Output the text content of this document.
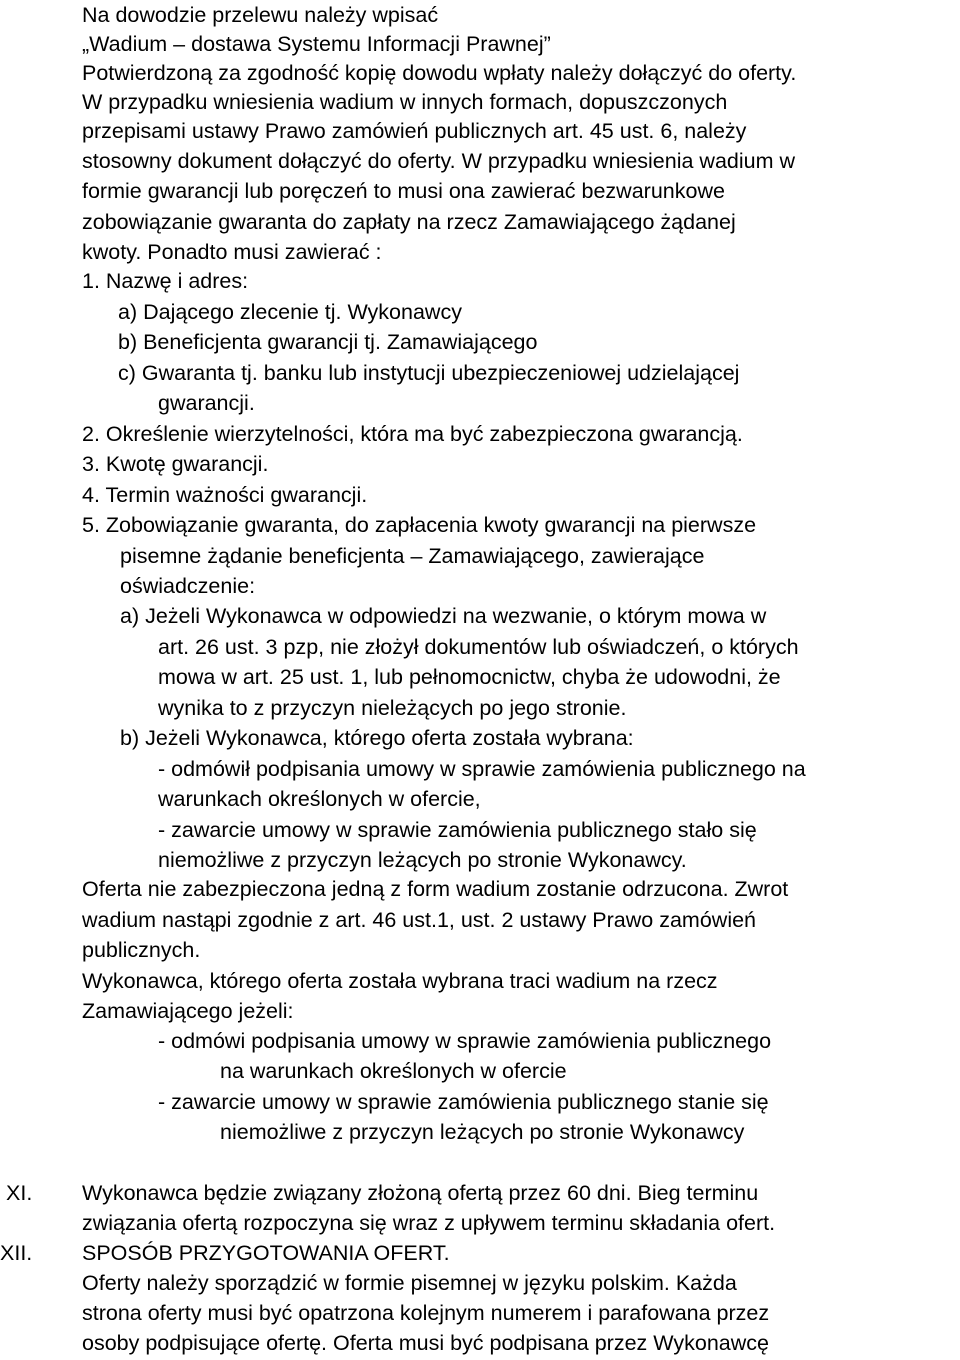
Na dowodzie przelewu należy wpisać
„Wadium – dostawa Systemu Informacji Prawnej”
Potwierdzoną za zgodność kopię dowodu wpłaty należy dołączyć do oferty.
W przypadku wniesienia wadium w innych formach, dopuszczonych
przepisami ustawy Prawo zamówień publicznych art. 45 ust. 6, należy
stosowny dokument dołączyć do oferty. W przypadku wniesienia wadium w
formie gwarancji lub poręczeń to musi ona zawierać bezwarunkowe
zobowiązanie gwaranta do zapłaty na rzecz Zamawiającego żądanej
kwoty. Ponadto musi zawierać :
1. Nazwę i adres:
a) Dającego zlecenie tj. Wykonawcy
b) Beneficjenta gwarancji tj. Zamawiającego
c) Gwaranta tj. banku lub instytucji ubezpieczeniowej udzielającej
gwarancji.
2. Określenie wierzytelności, która ma być zabezpieczona gwarancją.
3. Kwotę gwarancji.
4. Termin ważności gwarancji.
5. Zobowiązanie gwaranta, do zapłacenia kwoty gwarancji na pierwsze
pisemne żądanie beneficjenta – Zamawiającego, zawierające
oświadczenie:
a) Jeżeli Wykonawca w odpowiedzi na wezwanie, o którym mowa w
art. 26 ust. 3 pzp, nie złożył dokumentów lub oświadczeń, o których
mowa w art. 25 ust. 1, lub pełnomocnictw, chyba że udowodni, że
wynika to z przyczyn nieleżących po jego stronie.
b) Jeżeli Wykonawca, którego oferta została wybrana:
- odmówił podpisania umowy w sprawie zamówienia publicznego na
warunkach określonych w ofercie,
- zawarcie umowy w sprawie zamówienia publicznego stało się
niemożliwe z przyczyn leżących po stronie Wykonawcy.
Oferta nie zabezpieczona jedną z form wadium zostanie odrzucona. Zwrot
wadium nastąpi zgodnie z art. 46 ust.1, ust. 2 ustawy Prawo zamówień
publicznych.
Wykonawca, którego oferta została wybrana traci wadium na rzecz
Zamawiającego jeżeli:
- odmówi podpisania umowy w sprawie zamówienia publicznego
na warunkach określonych w ofercie
- zawarcie umowy w sprawie zamówienia publicznego stanie się
niemożliwe z przyczyn leżących po stronie Wykonawcy
XI. Wykonawca będzie związany złożoną ofertą przez 60 dni. Bieg terminu
związania ofertą rozpoczyna się wraz z upływem terminu składania ofert.
XII. SPOSÓB PRZYGOTOWANIA OFERT.
Oferty należy sporządzić w formie pisemnej w języku polskim. Każda
strona oferty musi być opatrzona kolejnym numerem i parafowana przez
osoby podpisujące ofertę. Oferta musi być podpisana przez Wykonawcę
